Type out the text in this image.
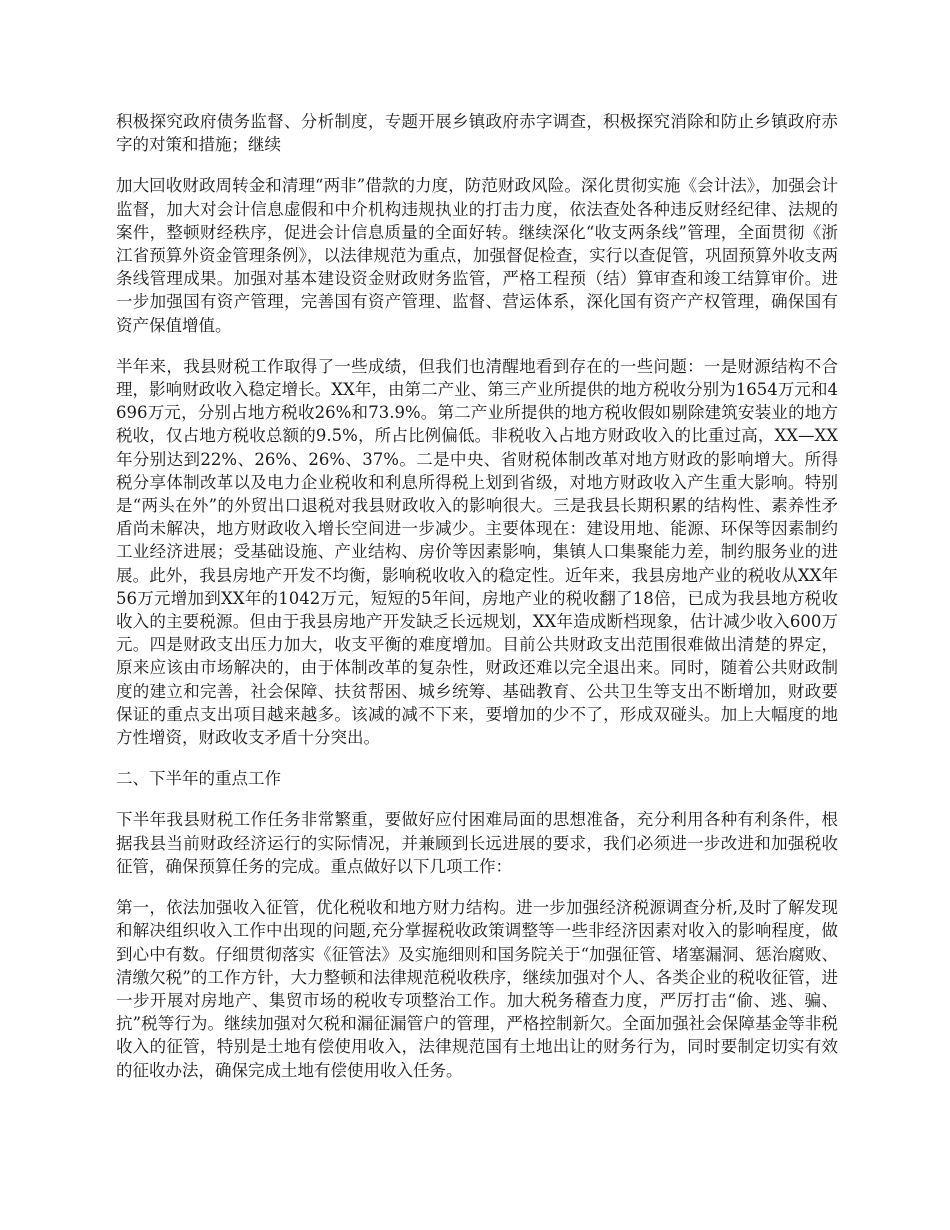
积极探究政府债务监督、分析制度，专题开展乡镇政府赤字调查，积极探究消除和防止乡镇政府赤字的对策和措施；继续

加大回收财政周转金和清理“两非”借款的力度，防范财政风险。深化贯彻实施《会计法》，加强会计监督，加大对会计信息虚假和中介机构违规执业的打击力度，依法查处各种违反财经纪律、法规的案件，整顿财经秩序，促进会计信息质量的全面好转。继续深化“收支两条线”管理，全面贯彻《浙江省预算外资金管理条例》，以法律规范为重点，加强督促检查，实行以查促管，巩固预算外收支两条线管理成果。加强对基本建设资金财政财务监管，严格工程预（结）算审查和竣工结算审价。进一步加强国有资产管理，完善国有资产管理、监督、营运体系，深化国有资产产权管理，确保国有资产保值增值。

半年来，我县财税工作取得了一些成绩，但我们也清醒地看到存在的一些问题：一是财源结构不合理，影响财政收入稳定增长。XX年，由第二产业、第三产业所提供的地方税收分别为1654万元和4696万元，分别占地方税收26%和73.9%。第二产业所提供的地方税收假如剔除建筑安装业的地方税收，仅占地方税收总额的9.5%，所占比例偏低。非税收入占地方财政收入的比重过高，XX—XX年分别达到22%、26%、26%、37%。二是中央、省财税体制改革对地方财政的影响增大。所得税分享体制改革以及电力企业税收和利息所得税上划到省级，对地方财政收入产生重大影响。特别是“两头在外”的外贸出口退税对我县财政收入的影响很大。三是我县长期积累的结构性、素养性矛盾尚未解决，地方财政收入增长空间进一步减少。主要体现在：建设用地、能源、环保等因素制约工业经济进展；受基础设施、产业结构、房价等因素影响，集镇人口集聚能力差，制约服务业的进展。此外，我县房地产开发不均衡，影响税收收入的稳定性。近年来，我县房地产业的税收从XX年56万元增加到XX年的1042万元，短短的5年间，房地产业的税收翻了18倍，已成为我县地方税收收入的主要税源。但由于我县房地产开发缺乏长远规划，XX年造成断档现象，估计减少收入600万元。四是财政支出压力加大，收支平衡的难度增加。目前公共财政支出范围很难做出清楚的界定，原来应该由市场解决的，由于体制改革的复杂性，财政还难以完全退出来。同时，随着公共财政制度的建立和完善，社会保障、扶贫帮困、城乡统筹、基础教育、公共卫生等支出不断增加，财政要保证的重点支出项目越来越多。该减的减不下来，要增加的少不了，形成双碰头。加上大幅度的地方性增资，财政收支矛盾十分突出。

二、下半年的重点工作

下半年我县财税工作任务非常繁重，要做好应付困难局面的思想准备，充分利用各种有利条件，根据我县当前财政经济运行的实际情况，并兼顾到长远进展的要求，我们必须进一步改进和加强税收征管，确保预算任务的完成。重点做好以下几项工作：

第一，依法加强收入征管，优化税收和地方财力结构。进一步加强经济税源调查分析,及时了解发现和解决组织收入工作中出现的问题,充分掌握税收政策调整等一些非经济因素对收入的影响程度，做到心中有数。仔细贯彻落实《征管法》及实施细则和国务院关于“加强征管、堵塞漏洞、惩治腐败、清缴欠税”的工作方针，大力整顿和法律规范税收秩序，继续加强对个人、各类企业的税收征管，进一步开展对房地产、集贸市场的税收专项整治工作。加大税务稽查力度，严厉打击“偷、逃、骗、抗”税等行为。继续加强对欠税和漏征漏管户的管理，严格控制新欠。全面加强社会保障基金等非税收入的征管，特别是土地有偿使用收入，法律规范国有土地出让的财务行为，同时要制定切实有效的征收办法，确保完成土地有偿使用收入任务。
